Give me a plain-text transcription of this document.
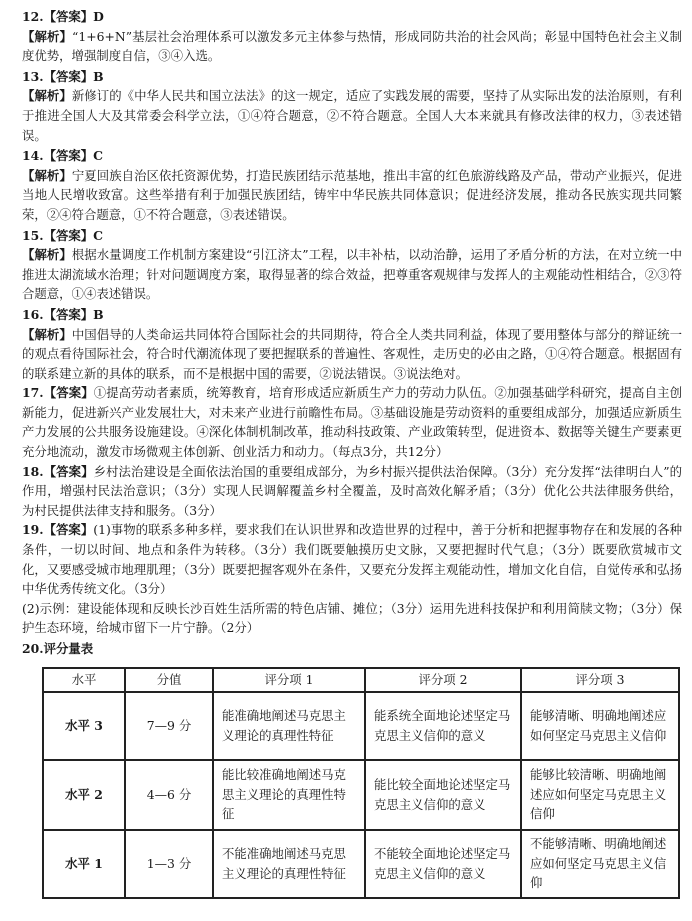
12.【答案】D

【解析】“1+6+N”基层社会治理体系可以激发多元主体参与热情，形成同防共治的社会风尚；彰显中国特色社会主义制度优势，增强制度自信，③④入选。

13.【答案】B

【解析】新修订的《中华人民共和国立法法》的这一规定，适应了实践发展的需要，坚持了从实际出发的法治原则，有利于推进全国人大及其常委会科学立法，①④符合题意，②不符合题意。全国人大本来就具有修改法律的权力，③表述错误。

14.【答案】C

【解析】宁夏回族自治区依托资源优势，打造民族团结示范基地，推出丰富的红色旅游线路及产品，带动产业振兴，促进当地人民增收致富。这些举措有利于加强民族团结，铸牢中华民族共同体意识；促进经济发展，推动各民族实现共同繁荣，②④符合题意，①不符合题意，③表述错误。

15.【答案】C

【解析】根据水量调度工作机制方案建设“引江济太”工程，以丰补枯，以动治静，运用了矛盾分析的方法，在对立统一中推进太湖流域水治理；针对问题调度方案，取得显著的综合效益，把尊重客观规律与发挥人的主观能动性相结合，②③符合题意，①④表述错误。

16.【答案】B

【解析】中国倡导的人类命运共同体符合国际社会的共同期待，符合全人类共同利益，体现了要用整体与部分的辩证统一的观点看待国际社会，符合时代潮流体现了要把握联系的普遍性、客观性，走历史的必由之路，①④符合题意。根据固有的联系建立新的具体的联系，而不是根据中国的需要，②说法错误。③说法绝对。

17.【答案】①提高劳动者素质，统筹教育，培育形成适应新质生产力的劳动力队伍。②加强基础学科研究，提高自主创新能力，促进新兴产业发展壮大，对未来产业进行前瞻性布局。③基础设施是劳动资料的重要组成部分，加强适应新质生产力发展的公共服务设施建设。④深化体制机制改革，推动科技政策、产业政策转型，促进资本、数据等关键生产要素更充分地流动，激发市场微观主体创新、创业活力和动力。（每点3分，共12分）

18.【答案】乡村法治建设是全面依法治国的重要组成部分，为乡村振兴提供法治保障。（3分）充分发挥“法律明白人”的作用，增强村民法治意识；（3分）实现人民调解覆盖乡村全覆盖，及时高效化解矛盾；（3分）优化公共法律服务供给，为村民提供法律支持和服务。（3分）

19.【答案】(1)事物的联系多种多样，要求我们在认识世界和改造世界的过程中，善于分析和把握事物存在和发展的各种条件，一切以时间、地点和条件为转移。（3分）我们既要触摸历史文脉，又要把握时代气息；（3分）既要欣赏城市文化，又要感受城市地理肌理；（3分）既要把握客观外在条件，又要充分发挥主观能动性，增加文化自信，自觉传承和弘扬中华优秀传统文化。（3分）

(2)示例：建设能体现和反映长沙百姓生活所需的特色店铺、摊位；（3分）运用先进科技保护和利用简牍文物；（3分）保护生态环境，给城市留下一片宁静。（2分）

20.评分量表

水平	分值	评分项 1	评分项 2	评分项 3
水平 3	7—9 分	能准确地阐述马克思主义理论的真理性特征	能系统全面地论述坚定马克思主义信仰的意义	能够清晰、明确地阐述应如何坚定马克思主义信仰
水平 2	4—6 分	能比较准确地阐述马克思主义理论的真理性特征	能比较全面地论述坚定马克思主义信仰的意义	能够比较清晰、明确地阐述应如何坚定马克思主义信仰
水平 1	1—3 分	不能准确地阐述马克思主义理论的真理性特征	不能较全面地论述坚定马克思主义信仰的意义	不能够清晰、明确地阐述应如何坚定马克思主义信仰
